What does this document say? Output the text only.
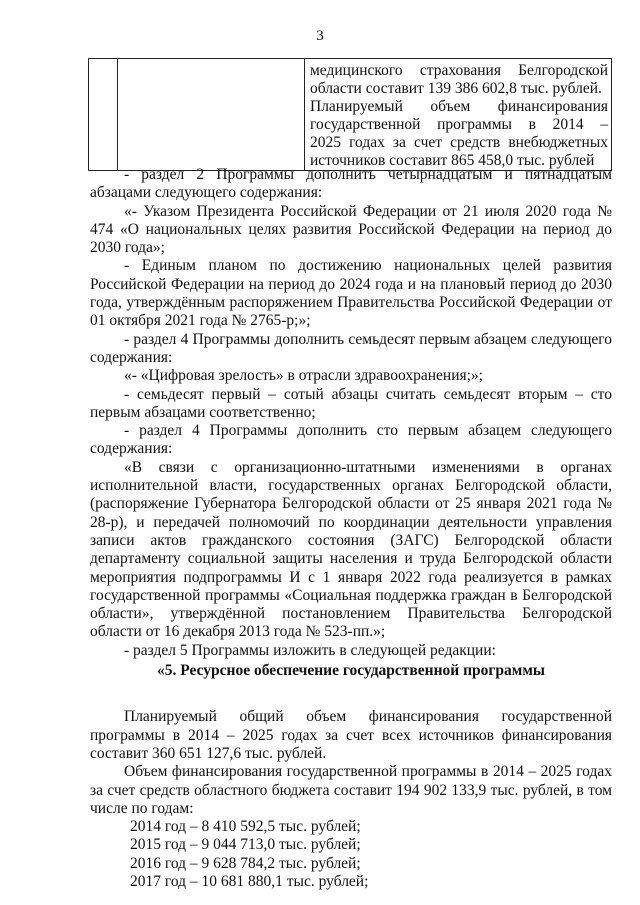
3

медицинского страхования Белгородской

области составит 139 386 602,8 тыс. рублей.

Планируемый объем финансирования

государственной программы в 2014 –

2025 годах за счет средств внебюджетных

источников составит 865 458,0 тыс. рублей

- раздел 2 Программы дополнить четырнадцатым и пятнадцатым абзацами следующего содержания:

«- Указом Президента Российской Федерации от 21 июля 2020 года № 474 «О национальных целях развития Российской Федерации на период до 2030 года»;

- Единым планом по достижению национальных целей развития Российской Федерации на период до 2024 года и на плановый период до 2030 года, утверждённым распоряжением Правительства Российской Федерации от 01 октября 2021 года № 2765-р;»;

- раздел 4 Программы дополнить семьдесят первым абзацем следующего содержания:

«- «Цифровая зрелость» в отрасли здравоохранения;»;

- семьдесят первый – сотый абзацы считать семьдесят вторым – сто первым абзацами соответственно;

- раздел 4 Программы дополнить сто первым абзацем следующего содержания:

«В связи с организационно-штатными изменениями в органах исполнительной власти, государственных органах Белгородской области, (распоряжение Губернатора Белгородской области от 25 января 2021 года № 28-р), и передачей полномочий по координации деятельности управления записи актов гражданского состояния (ЗАГС) Белгородской области департаменту социальной защиты населения и труда Белгородской области мероприятия подпрограммы И с 1 января 2022 года реализуется в рамках государственной программы «Социальная поддержка граждан в Белгородской области», утверждённой постановлением Правительства Белгородской области от 16 декабря 2013 года № 523-пп.»;

- раздел 5 Программы изложить в следующей редакции:

«5. Ресурсное обеспечение государственной программы

Планируемый общий объем финансирования государственной программы в 2014 – 2025 годах за счет всех источников финансирования составит 360 651 127,6 тыс. рублей.

Объем финансирования государственной программы в 2014 – 2025 годах за счет средств областного бюджета составит 194 902 133,9 тыс. рублей, в том числе по годам:

2014 год – 8 410 592,5 тыс. рублей;

2015 год – 9 044 713,0 тыс. рублей;

2016 год – 9 628 784,2 тыс. рублей;

2017 год – 10 681 880,1 тыс. рублей;
